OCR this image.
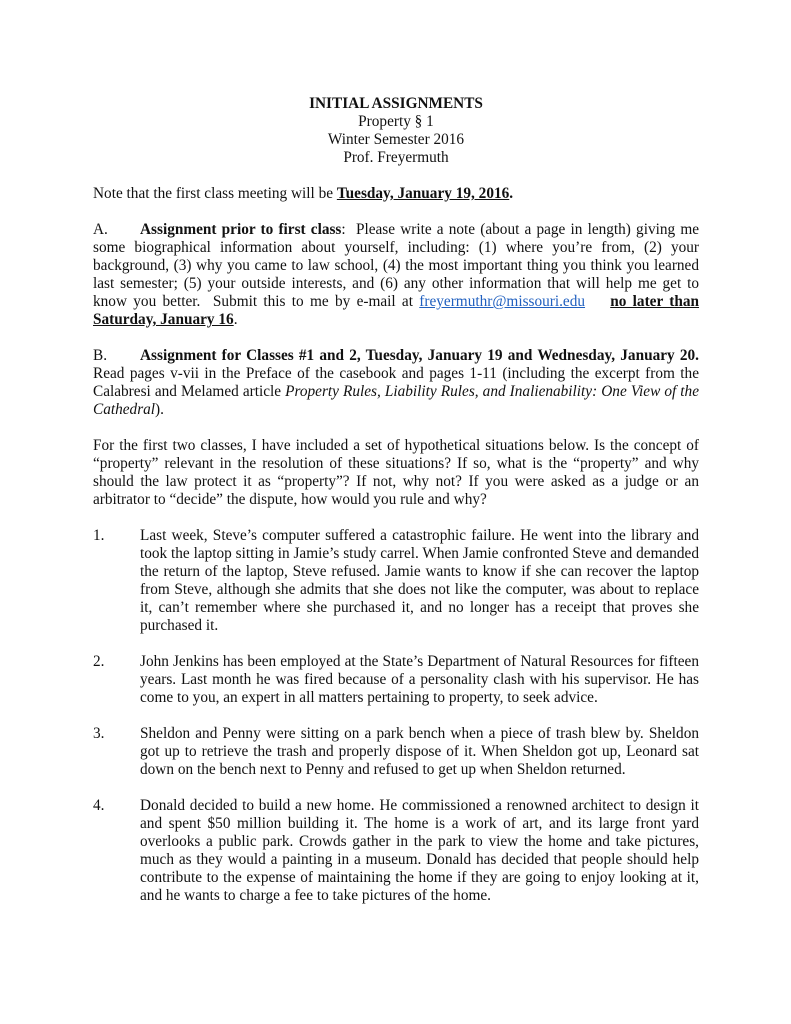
INITIAL ASSIGNMENTS
Property § 1
Winter Semester 2016
Prof. Freyermuth

Note that the first class meeting will be Tuesday, January 19, 2016.

A. Assignment prior to first class:  Please write a note (about a page in length) giving me some biographical information about yourself, including: (1) where you’re from, (2) your background, (3) why you came to law school, (4) the most important thing you think you learned last semester; (5) your outside interests, and (6) any other information that will help me get to know you better.  Submit this to me by e-mail at freyermuthr@missouri.edu no later than Saturday, January 16.

B. Assignment for Classes #1 and 2, Tuesday, January 19 and Wednesday, January 20. Read pages v-vii in the Preface of the casebook and pages 1-11 (including the excerpt from the Calabresi and Melamed article Property Rules, Liability Rules, and Inalienability: One View of the Cathedral).

For the first two classes, I have included a set of hypothetical situations below. Is the concept of “property” relevant in the resolution of these situations? If so, what is the “property” and why should the law protect it as “property”? If not, why not? If you were asked as a judge or an arbitrator to “decide” the dispute, how would you rule and why?

1. Last week, Steve’s computer suffered a catastrophic failure. He went into the library and took the laptop sitting in Jamie’s study carrel. When Jamie confronted Steve and demanded the return of the laptop, Steve refused. Jamie wants to know if she can recover the laptop from Steve, although she admits that she does not like the computer, was about to replace it, can’t remember where she purchased it, and no longer has a receipt that proves she purchased it.
2. John Jenkins has been employed at the State’s Department of Natural Resources for fifteen years. Last month he was fired because of a personality clash with his supervisor. He has come to you, an expert in all matters pertaining to property, to seek advice.
3. Sheldon and Penny were sitting on a park bench when a piece of trash blew by. Sheldon got up to retrieve the trash and properly dispose of it. When Sheldon got up, Leonard sat down on the bench next to Penny and refused to get up when Sheldon returned.
4. Donald decided to build a new home. He commissioned a renowned architect to design it and spent $50 million building it. The home is a work of art, and its large front yard overlooks a public park. Crowds gather in the park to view the home and take pictures, much as they would a painting in a museum. Donald has decided that people should help contribute to the expense of maintaining the home if they are going to enjoy looking at it, and he wants to charge a fee to take pictures of the home.
